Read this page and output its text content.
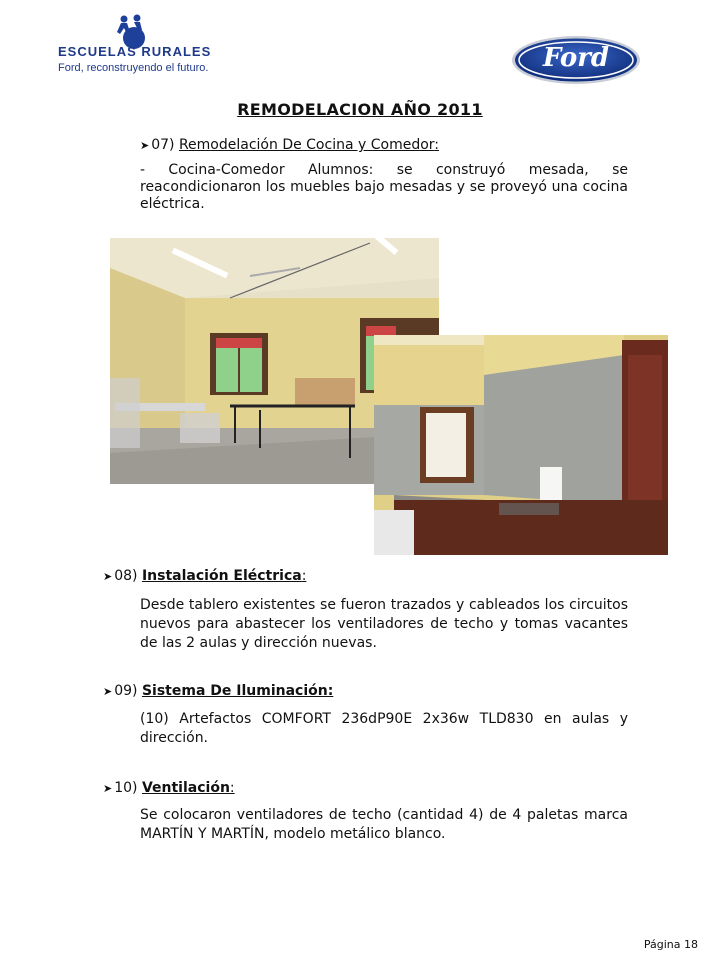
ESCUELAS RURALES
Ford, reconstruyendo el futuro.	Ford
REMODELACION AÑO 2011
➤ 07) Remodelación De Cocina y Comedor:
- Cocina-Comedor Alumnos: se construyó mesada, se reacondicionaron los muebles bajo mesadas y se proveyó una cocina eléctrica.
➤ 08) Instalación Eléctrica:
Desde tablero existentes se fueron trazados y cableados los circuitos nuevos para abastecer los ventiladores de techo y tomas vacantes de las 2 aulas y dirección nuevas.
➤ 09) Sistema De Iluminación:
(10) Artefactos COMFORT 236dP90E 2x36w TLD830 en aulas y dirección.
➤ 10) Ventilación:
Se colocaron ventiladores de techo (cantidad 4) de 4 paletas marca MARTÍN Y MARTÍN, modelo metálico blanco.
Página 18
